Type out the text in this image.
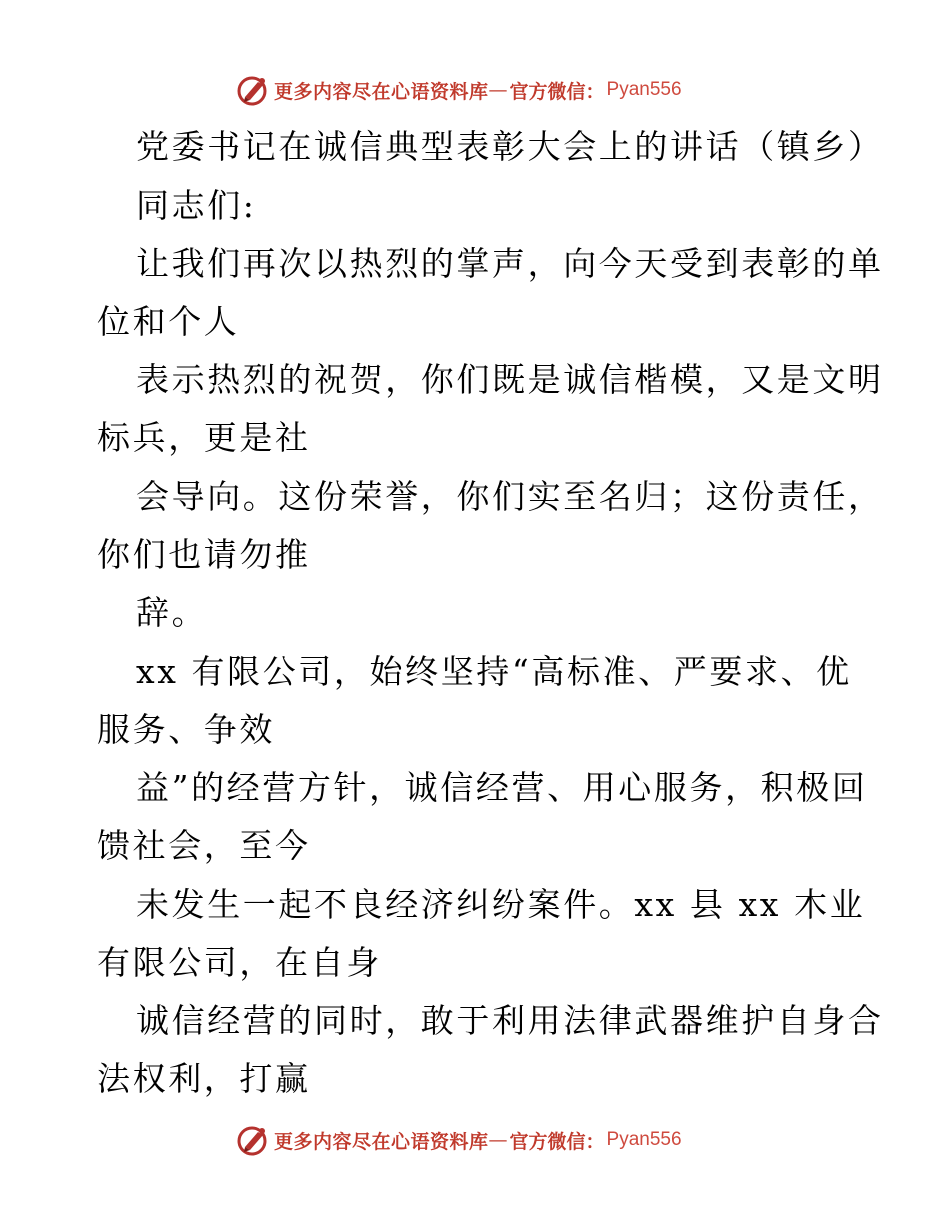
更多内容尽在心语资料库 — 官方微信： Pyan556
党委书记在诚信典型表彰大会上的讲话（镇乡）
同志们:
让我们再次以热烈的掌声，向今天受到表彰的单
位和个人
表示热烈的祝贺，你们既是诚信楷模，又是文明
标兵，更是社
会导向。这份荣誉，你们实至名归；这份责任，
你们也请勿推
辞。
xx 有限公司，始终坚持“高标准、严要求、优
服务、争效
益”的经营方针，诚信经营、用心服务，积极回
馈社会，至今
未发生一起不良经济纠纷案件。xx 县 xx 木业
有限公司，在自身
诚信经营的同时，敢于利用法律武器维护自身合
法权利，打赢
更多内容尽在心语资料库 — 官方微信： Pyan556
